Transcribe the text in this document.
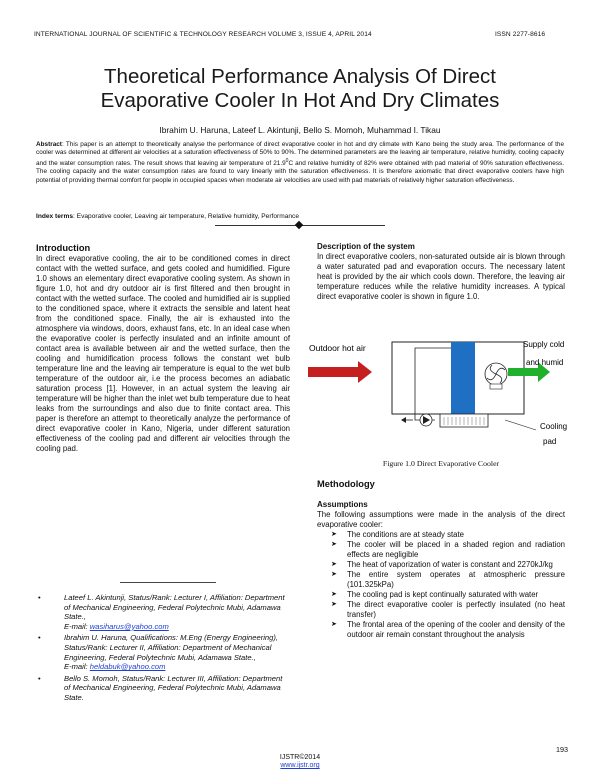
INTERNATIONAL JOURNAL OF SCIENTIFIC & TECHNOLOGY RESEARCH VOLUME 3, ISSUE 4, APRIL 2014	ISSN 2277-8616
Theoretical Performance Analysis Of Direct
Evaporative Cooler In Hot And Dry Climates
Ibrahim U. Haruna, Lateef L. Akintunji, Bello S. Momoh, Muhammad I. Tikau
Abstract: This paper is an attempt to theoretically analyse the performance of direct evaporative cooler in hot and dry climate with Kano being the study area. The performance of the cooler was determined at different air velocities at a saturation effectiveness of 50% to 90%. The determined parameters are the leaving air temperature, relative humidity, cooling capacity and the water consumption rates. The result shows that leaving air temperature of 21.9$^0$C and relative humidity of 82% were obtained with pad material of 90% saturation effectiveness. The cooling capacity and the water consumption rates are found to vary linearly with the saturation effectiveness. It is therefore axiomatic that direct evaporative coolers have high potential of providing thermal comfort for people in occupied spaces when moderate air velocities are used with pad materials of relatively higher saturation effectiveness.
Index terms: Evaporative cooler, Leaving air temperature, Relative humidity, Performance
Introduction
In direct evaporative cooling, the air to be conditioned comes in direct contact with the wetted surface, and gets cooled and humidified. Figure 1.0 shows an elementary direct evaporative cooling system. As shown in figure 1.0, hot and dry outdoor air is first filtered and then brought in contact with the wetted surface. The cooled and humidified air is supplied to the conditioned space, where it extracts the sensible and latent heat from the conditioned space. Finally, the air is exhausted into the atmosphere via windows, doors, exhaust fans, etc. In an ideal case when the evaporative cooler is perfectly insulated and an infinite amount of contact area is available between air and the wetted surface, then the cooling and humidification process follows the constant wet bulb temperature line and the leaving air temperature is equal to the wet bulb temperature of the outdoor air, i.e the process becomes an adiabatic saturation process [1]. However, in an actual system the leaving air temperature will be higher than the inlet wet bulb temperature due to heat leaks from the surroundings and also due to finite contact area. This paper is therefore an attempt to theoretically analyze the performance of direct evaporative cooler in Kano, Nigeria, under different saturation effectiveness of the cooling pad and different air velocities through the cooling pad.
• Lateef L. Akintunji, Status/Rank: Lecturer I, Affiliation: Department of Mechanical Engineering, Federal Polytechnic Mubi, Adamawa State.,
E-mail: wasiharus@yahoo.com
• Ibrahim U. Haruna, Qualifications: M.Eng (Energy Engineering), Status/Rank: Lecturer II, Affiliation: Department of Mechanical Engineering, Federal Polytechnic Mubi, Adamawa State.,
E-mail: heldabuk@yahoo.com
• Bello S. Momoh, Status/Rank: Lecturer III, Affiliation: Department of Mechanical Engineering, Federal Polytechnic Mubi, Adamawa State.
Description of the system
In direct evaporative coolers, non-saturated outside air is blown through a water saturated pad and evaporation occurs. The necessary latent heat is provided by the air which cools down. Therefore, the leaving air temperature reduces while the relative humidity increases. A typical direct evaporative cooler is shown in figure 1.0.
Outdoor hot air	Supply cold
and humid
Cooling
pad
Figure 1.0 Direct Evaporative Cooler
Methodology
Assumptions
The following assumptions were made in the analysis of the direct evaporative cooler:
➤ The conditions are at steady state
➤ The cooler will be placed in a shaded region and radiation effects are negligible
➤ The heat of vaporization of water is constant and 2270kJ/kg
➤ The entire system operates at atmospheric pressure (101.325kPa)
➤ The cooling pad is kept continually saturated with water
➤ The direct evaporative cooler is perfectly insulated (no heat transfer)
➤ The frontal area of the opening of the cooler and density of the outdoor air remain constant throughout the analysis
193
IJSTR©2014
www.ijstr.org
